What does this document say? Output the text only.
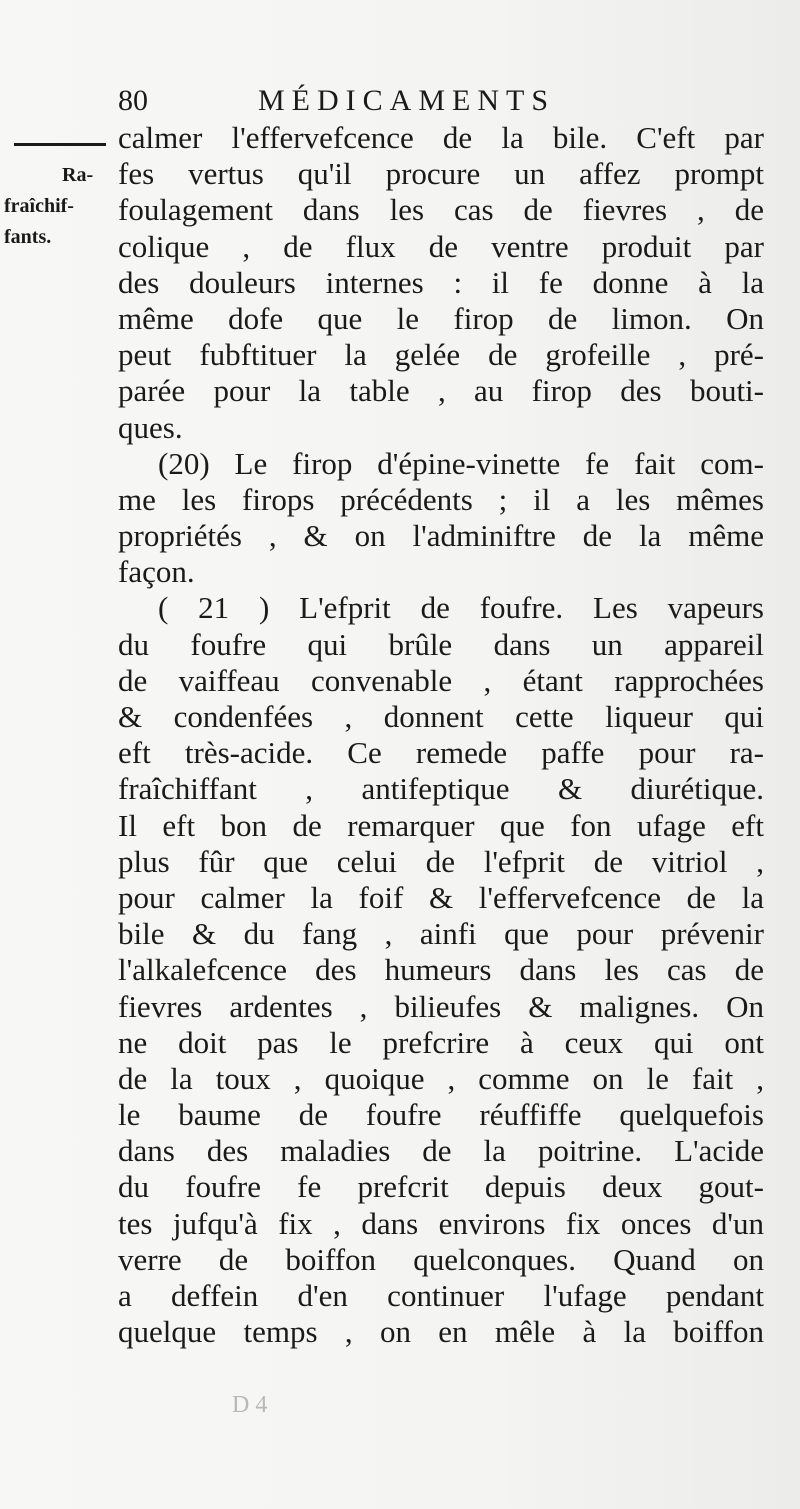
80	MÉDICAMENTS
Ra-
fraîchif-
fants.
calmer l'effervefcence de la bile. C'eft par
fes vertus qu'il procure un affez prompt
foulagement dans les cas de fievres , de
colique , de flux de ventre produit par
des douleurs internes : il fe donne à la
même dofe que le firop de limon. On
peut fubftituer la gelée de grofeille , pré-
parée pour la table , au firop des bouti-
ques.
(20) Le firop d'épine-vinette fe fait com-
me les firops précédents ; il a les mêmes
propriétés , & on l'adminiftre de la même
façon.
( 21 ) L'efprit de foufre. Les vapeurs
du foufre qui brûle dans un appareil
de vaiffeau convenable , étant rapprochées
& condenfées , donnent cette liqueur qui
eft très-acide. Ce remede paffe pour ra-
fraîchiffant , antifeptique & diurétique.
Il eft bon de remarquer que fon ufage eft
plus fûr que celui de l'efprit de vitriol ,
pour calmer la foif & l'effervefcence de la
bile & du fang , ainfi que pour prévenir
l'alkalefcence des humeurs dans les cas de
fievres ardentes , bilieufes & malignes. On
ne doit pas le prefcrire à ceux qui ont
de la toux , quoique , comme on le fait ,
le baume de foufre réuffiffe quelquefois
dans des maladies de la poitrine. L'acide
du foufre fe prefcrit depuis deux gout-
tes jufqu'à fix , dans environs fix onces d'un
verre de boiffon quelconques. Quand on
a deffein d'en continuer l'ufage pendant
quelque temps , on en mêle à la boiffon
D 4
